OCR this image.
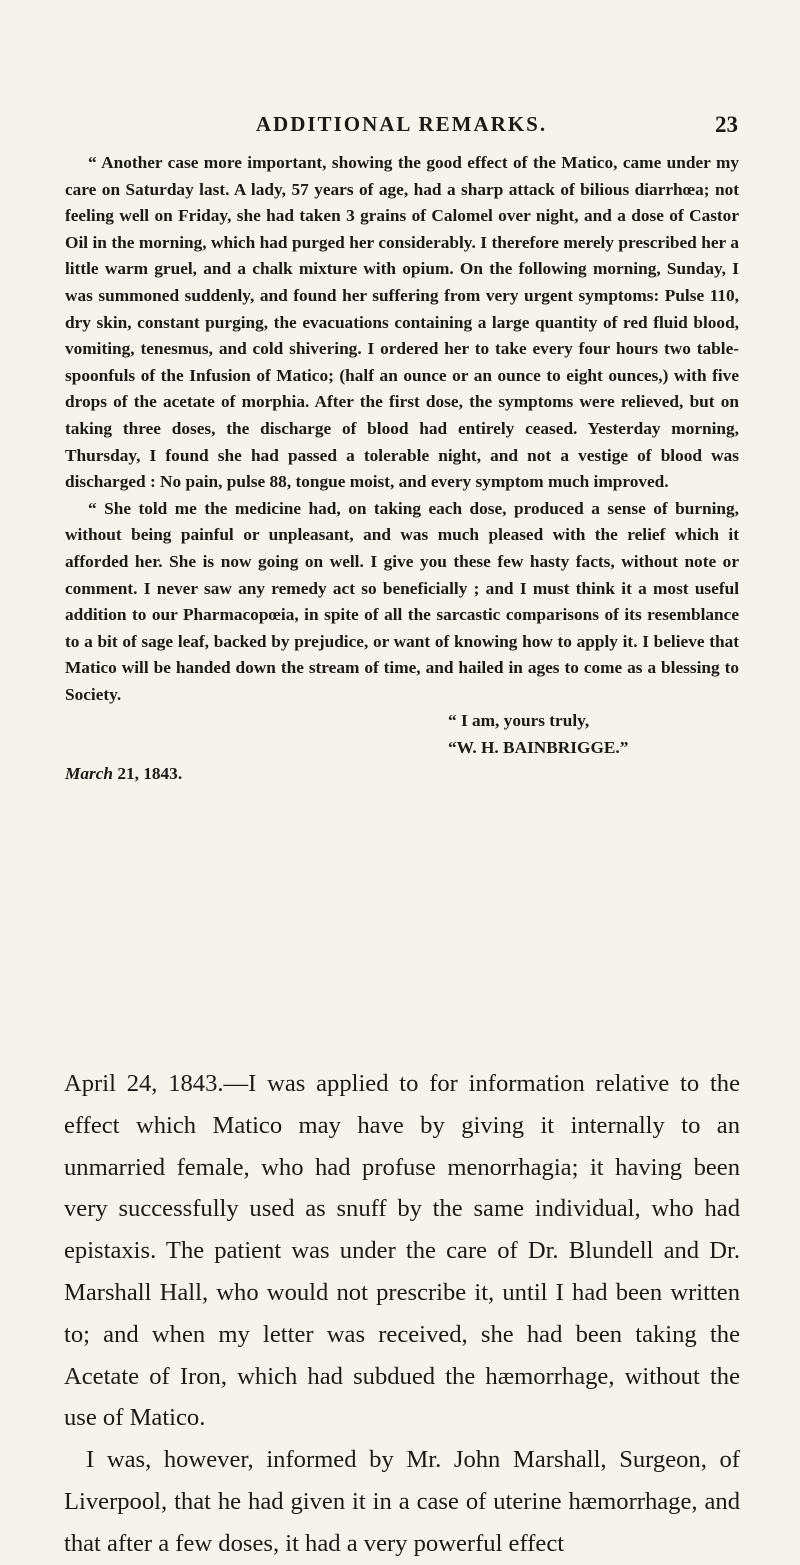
ADDITIONAL REMARKS.	23

“ Another case more important, showing the good effect of the Matico, came under my care on Saturday last. A lady, 57 years of age, had a sharp attack of bilious diarrhœa; not feeling well on Friday, she had taken 3 grains of Calomel over night, and a dose of Castor Oil in the morning, which had purged her considerably. I therefore merely prescribed her a little warm gruel, and a chalk mixture with opium. On the following morning, Sunday, I was summoned suddenly, and found her suffering from very urgent symptoms: Pulse 110, dry skin, constant purging, the evacuations containing a large quantity of red fluid blood, vomiting, tenesmus, and cold shivering. I ordered her to take every four hours two table-spoonfuls of the Infusion of Matico; (half an ounce or an ounce to eight ounces,) with five drops of the acetate of morphia. After the first dose, the symptoms were relieved, but on taking three doses, the discharge of blood had entirely ceased. Yesterday morning, Thursday, I found she had passed a tolerable night, and not a vestige of blood was discharged : No pain, pulse 88, tongue moist, and every symptom much improved.

“ She told me the medicine had, on taking each dose, produced a sense of burning, without being painful or unpleasant, and was much pleased with the relief which it afforded her. She is now going on well. I give you these few hasty facts, without note or comment. I never saw any remedy act so beneficially ; and I must think it a most useful addition to our Pharmacopœia, in spite of all the sarcastic comparisons of its resemblance to a bit of sage leaf, backed by prejudice, or want of knowing how to apply it. I believe that Matico will be handed down the stream of time, and hailed in ages to come as a blessing to Society.

“ I am, yours truly,
“W. H. BAINBRIGGE.”
March 21, 1843.

April 24, 1843.—I was applied to for information relative to the effect which Matico may have by giving it internally to an unmarried female, who had profuse menorrhagia; it having been very successfully used as snuff by the same individual, who had epistaxis. The patient was under the care of Dr. Blundell and Dr. Marshall Hall, who would not prescribe it, until I had been written to; and when my letter was received, she had been taking the Acetate of Iron, which had subdued the hæmorrhage, without the use of Matico.

I was, however, informed by Mr. John Marshall, Surgeon, of Liverpool, that he had given it in a case of uterine hæmorrhage, and that after a few doses, it had a very powerful effect
